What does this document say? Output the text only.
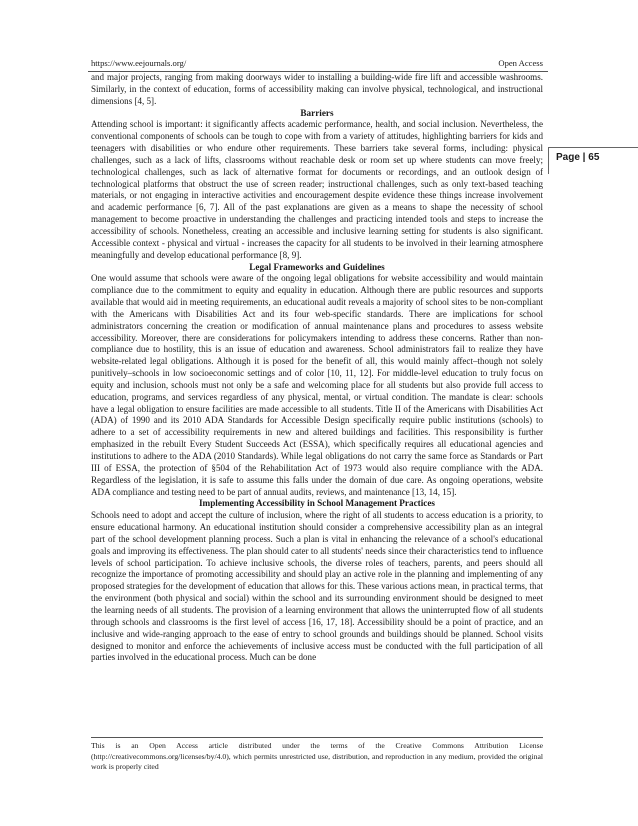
https://www.eejournals.org/	Open Access
Page | 65

and major projects, ranging from making doorways wider to installing a building-wide fire lift and accessible washrooms. Similarly, in the context of education, forms of accessibility making can involve physical, technological, and instructional dimensions [4, 5].

Barriers

Attending school is important: it significantly affects academic performance, health, and social inclusion. Nevertheless, the conventional components of schools can be tough to cope with from a variety of attitudes, highlighting barriers for kids and teenagers with disabilities or who endure other requirements. These barriers take several forms, including: physical challenges, such as a lack of lifts, classrooms without reachable desk or room set up where students can move freely; technological challenges, such as lack of alternative format for documents or recordings, and an outlook design of technological platforms that obstruct the use of screen reader; instructional challenges, such as only text-based teaching materials, or not engaging in interactive activities and encouragement despite evidence these things increase involvement and academic performance [6, 7]. All of the past explanations are given as a means to shape the necessity of school management to become proactive in understanding the challenges and practicing intended tools and steps to increase the accessibility of schools. Nonetheless, creating an accessible and inclusive learning setting for students is also significant. Accessible context - physical and virtual - increases the capacity for all students to be involved in their learning atmosphere meaningfully and develop educational performance [8, 9].

Legal Frameworks and Guidelines

One would assume that schools were aware of the ongoing legal obligations for website accessibility and would maintain compliance due to the commitment to equity and equality in education. Although there are public resources and supports available that would aid in meeting requirements, an educational audit reveals a majority of school sites to be non-compliant with the Americans with Disabilities Act and its four web-specific standards. There are implications for school administrators concerning the creation or modification of annual maintenance plans and procedures to assess website accessibility. Moreover, there are considerations for policymakers intending to address these concerns. Rather than non-compliance due to hostility, this is an issue of education and awareness. School administrators fail to realize they have website-related legal obligations. Although it is posed for the benefit of all, this would mainly affect–though not solely punitively–schools in low socioeconomic settings and of color [10, 11, 12]. For middle-level education to truly focus on equity and inclusion, schools must not only be a safe and welcoming place for all students but also provide full access to education, programs, and services regardless of any physical, mental, or virtual condition. The mandate is clear: schools have a legal obligation to ensure facilities are made accessible to all students. Title II of the Americans with Disabilities Act (ADA) of 1990 and its 2010 ADA Standards for Accessible Design specifically require public institutions (schools) to adhere to a set of accessibility requirements in new and altered buildings and facilities. This responsibility is further emphasized in the rebuilt Every Student Succeeds Act (ESSA), which specifically requires all educational agencies and institutions to adhere to the ADA (2010 Standards). While legal obligations do not carry the same force as Standards or Part III of ESSA, the protection of §504 of the Rehabilitation Act of 1973 would also require compliance with the ADA. Regardless of the legislation, it is safe to assume this falls under the domain of due care. As ongoing operations, website ADA compliance and testing need to be part of annual audits, reviews, and maintenance [13, 14, 15].

Implementing Accessibility in School Management Practices

Schools need to adopt and accept the culture of inclusion, where the right of all students to access education is a priority, to ensure educational harmony. An educational institution should consider a comprehensive accessibility plan as an integral part of the school development planning process. Such a plan is vital in enhancing the relevance of a school's educational goals and improving its effectiveness. The plan should cater to all students' needs since their characteristics tend to influence levels of school participation. To achieve inclusive schools, the diverse roles of teachers, parents, and peers should all recognize the importance of promoting accessibility and should play an active role in the planning and implementing of any proposed strategies for the development of education that allows for this. These various actions mean, in practical terms, that the environment (both physical and social) within the school and its surrounding environment should be designed to meet the learning needs of all students. The provision of a learning environment that allows the uninterrupted flow of all students through schools and classrooms is the first level of access [16, 17, 18]. Accessibility should be a point of practice, and an inclusive and wide-ranging approach to the ease of entry to school grounds and buildings should be planned. School visits designed to monitor and enforce the achievements of inclusive access must be conducted with the full participation of all parties involved in the educational process. Much can be done

This is an Open Access article distributed under the terms of the Creative Commons Attribution License (http://creativecommons.org/licenses/by/4.0), which permits unrestricted use, distribution, and reproduction in any medium, provided the original work is properly cited
